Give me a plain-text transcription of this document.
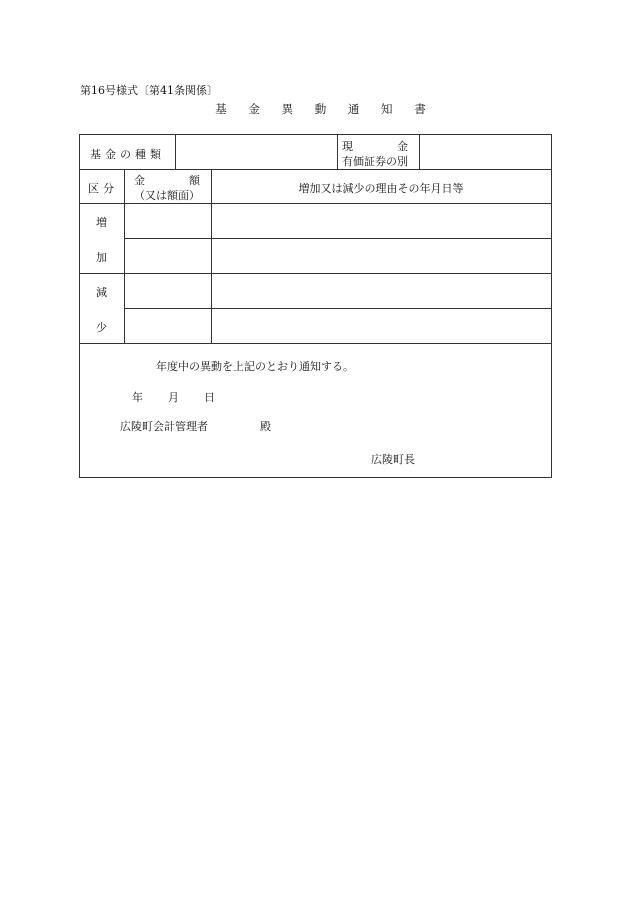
第16号様式〔第41条関係〕
基 金 異 動 通 知 書
基金の種類
現　　　　金
有価証券の別
区分
金　　　　額
（又は額面）
増加又は減少の理由その年月日等
増
加
減
少
年度中の異動を上記のとおり通知する。
年 月 日
広陵町会計管理者	殿
広陵町長
